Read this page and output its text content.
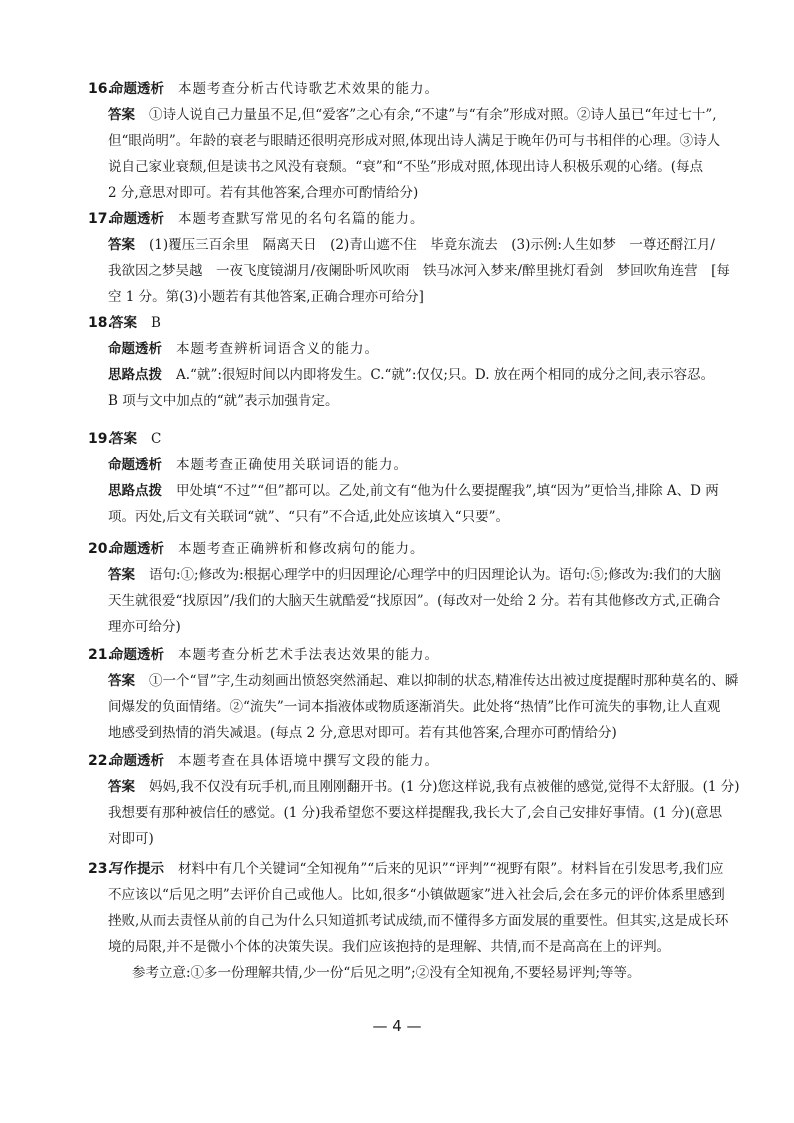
16.命题透析 本题考查分析古代诗歌艺术效果的能力。
答案 ①诗人说自己力量虽不足,但“爱客”之心有余,“不逮”与“有余”形成对照。②诗人虽已“年过七十”,
但“眼尚明”。年龄的衰老与眼睛还很明亮形成对照,体现出诗人满足于晚年仍可与书相伴的心理。③诗人
说自己家业衰颓,但是读书之风没有衰颓。“衰”和“不坠”形成对照,体现出诗人积极乐观的心绪。(每点
2 分,意思对即可。若有其他答案,合理亦可酌情给分)
17.命题透析 本题考查默写常见的名句名篇的能力。
答案 (1)覆压三百余里　隔离天日　(2)青山遮不住　毕竟东流去　(3)示例:人生如梦　一尊还酹江月/
我欲因之梦吴越　一夜飞度镜湖月/夜阑卧听风吹雨　铁马冰河入梦来/醉里挑灯看剑　梦回吹角连营　[每
空 1 分。第(3)小题若有其他答案,正确合理亦可给分]
18.答案 B
命题透析 本题考查辨析词语含义的能力。
思路点拨 A.“就”:很短时间以内即将发生。C.“就”:仅仅;只。D. 放在两个相同的成分之间,表示容忍。
B 项与文中加点的“就”表示加强肯定。
19.答案 C
命题透析 本题考查正确使用关联词语的能力。
思路点拨 甲处填“不过”“但”都可以。乙处,前文有“他为什么要提醒我”,填“因为”更恰当,排除 A、D 两
项。丙处,后文有关联词“就”、“只有”不合适,此处应该填入“只要”。
20.命题透析 本题考查正确辨析和修改病句的能力。
答案 语句:①;修改为:根据心理学中的归因理论/心理学中的归因理论认为。语句:⑤;修改为:我们的大脑
天生就很爱“找原因”/我们的大脑天生就酷爱“找原因”。(每改对一处给 2 分。若有其他修改方式,正确合
理亦可给分)
21.命题透析 本题考查分析艺术手法表达效果的能力。
答案 ①一个“冒”字,生动刻画出愤怒突然涌起、难以抑制的状态,精准传达出被过度提醒时那种莫名的、瞬
间爆发的负面情绪。②“流失”一词本指液体或物质逐渐消失。此处将“热情”比作可流失的事物,让人直观
地感受到热情的消失减退。(每点 2 分,意思对即可。若有其他答案,合理亦可酌情给分)
22.命题透析 本题考查在具体语境中撰写文段的能力。
答案 妈妈,我不仅没有玩手机,而且刚刚翻开书。(1 分)您这样说,我有点被催的感觉,觉得不太舒服。(1 分)
我想要有那种被信任的感觉。(1 分)我希望您不要这样提醒我,我长大了,会自己安排好事情。(1 分)(意思
对即可)
23.写作提示 材料中有几个关键词“全知视角”“后来的见识”“评判”“视野有限”。材料旨在引发思考,我们应
不应该以“后见之明”去评价自己或他人。比如,很多“小镇做题家”进入社会后,会在多元的评价体系里感到
挫败,从而去责怪从前的自己为什么只知道抓考试成绩,而不懂得多方面发展的重要性。但其实,这是成长环
境的局限,并不是微小个体的决策失误。我们应该抱持的是理解、共情,而不是高高在上的评判。
参考立意:①多一份理解共情,少一份“后见之明”;②没有全知视角,不要轻易评判;等等。
— 4 —
